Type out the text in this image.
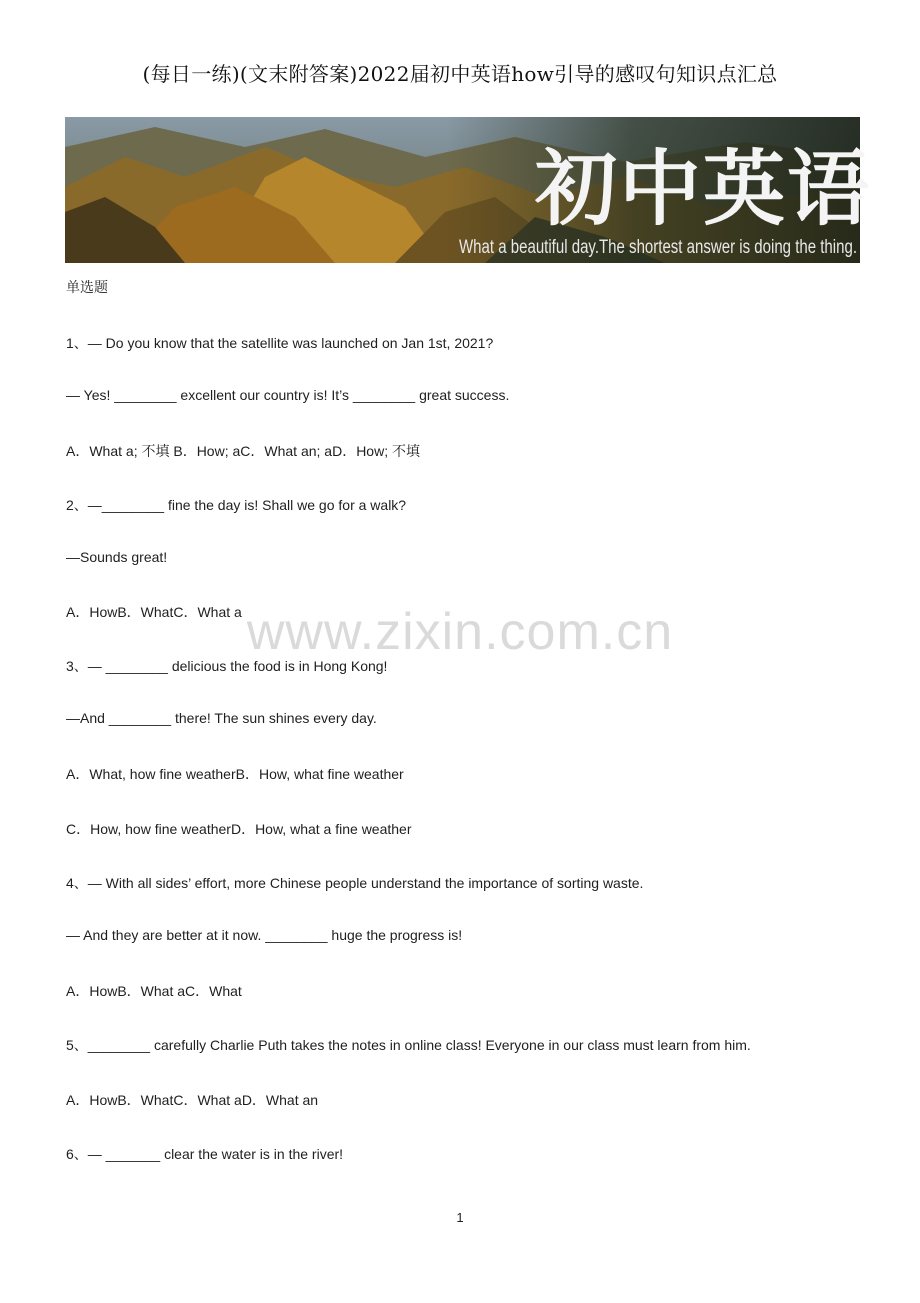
(每日一练)(文末附答案)2022届初中英语how引导的感叹句知识点汇总
初中英语
What a beautiful day.The shortest answer is doing the thing.
单选题
1、— Do you know that the satellite was launched on Jan 1st, 2021?
— Yes! ________ excellent our country is! It’s ________ great success.
A．What a; 不填 B．How; aC．What an; aD．How; 不填
2、—________ fine the day is! Shall we go for a walk?
—Sounds great!
A．HowB．WhatC．What a
3、— ________ delicious the food is in Hong Kong!
—And ________ there! The sun shines every day.
A．What, how fine weatherB．How, what fine weather
C．How, how fine weatherD．How, what a fine weather
4、— With all sides’ effort, more Chinese people understand the importance of sorting waste.
— And they are better at it now. ________ huge the progress is!
A．HowB．What aC．What
5、________ carefully Charlie Puth takes the notes in online class! Everyone in our class must learn from him.
A．HowB．WhatC．What aD．What an
6、— _______ clear the water is in the river!
www.zixin.com.cn
1
